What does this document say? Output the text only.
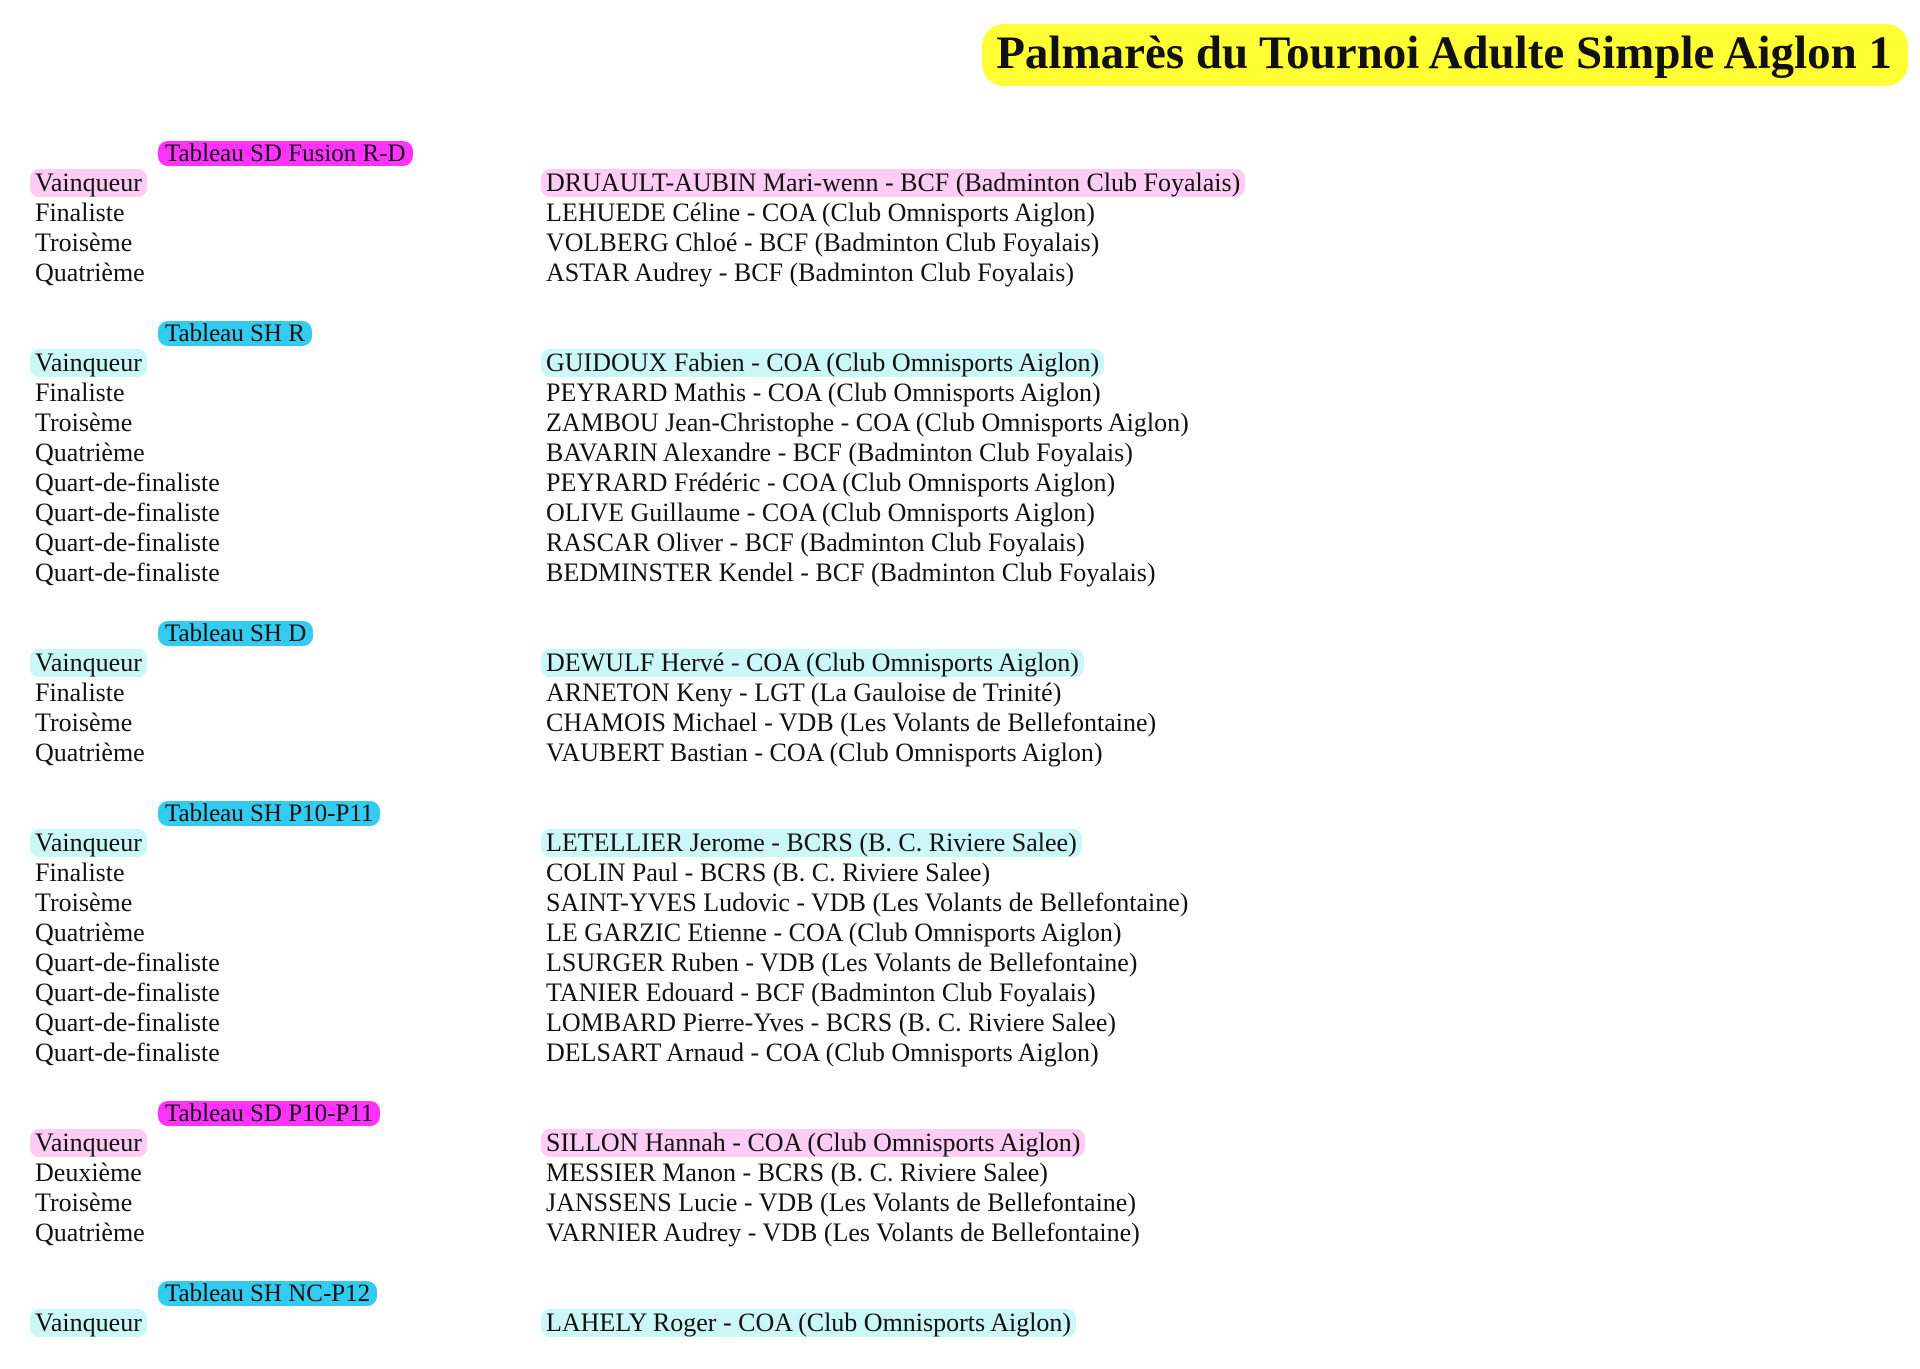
Palmarès du Tournoi Adulte Simple Aiglon 1
Tableau SD Fusion R-D
Vainqueur	DRUAULT-AUBIN Mari-wenn - BCF (Badminton Club Foyalais)
Finaliste	LEHUEDE Céline - COA (Club Omnisports Aiglon)
Troisème	VOLBERG Chloé - BCF (Badminton Club Foyalais)
Quatrième	ASTAR Audrey - BCF (Badminton Club Foyalais)
Tableau SH R
Vainqueur	GUIDOUX Fabien - COA (Club Omnisports Aiglon)
Finaliste	PEYRARD Mathis - COA (Club Omnisports Aiglon)
Troisème	ZAMBOU Jean-Christophe - COA (Club Omnisports Aiglon)
Quatrième	BAVARIN Alexandre - BCF (Badminton Club Foyalais)
Quart-de-finaliste	PEYRARD Frédéric - COA (Club Omnisports Aiglon)
Quart-de-finaliste	OLIVE Guillaume - COA (Club Omnisports Aiglon)
Quart-de-finaliste	RASCAR Oliver - BCF (Badminton Club Foyalais)
Quart-de-finaliste	BEDMINSTER Kendel - BCF (Badminton Club Foyalais)
Tableau SH D
Vainqueur	DEWULF Hervé - COA (Club Omnisports Aiglon)
Finaliste	ARNETON Keny - LGT (La Gauloise de Trinité)
Troisème	CHAMOIS Michael - VDB (Les Volants de Bellefontaine)
Quatrième	VAUBERT Bastian - COA (Club Omnisports Aiglon)
Tableau SH P10-P11
Vainqueur	LETELLIER Jerome - BCRS (B. C. Riviere Salee)
Finaliste	COLIN Paul - BCRS (B. C. Riviere Salee)
Troisème	SAINT-YVES Ludovic - VDB (Les Volants de Bellefontaine)
Quatrième	LE GARZIC Etienne - COA (Club Omnisports Aiglon)
Quart-de-finaliste	LSURGER Ruben - VDB (Les Volants de Bellefontaine)
Quart-de-finaliste	TANIER Edouard - BCF (Badminton Club Foyalais)
Quart-de-finaliste	LOMBARD Pierre-Yves - BCRS (B. C. Riviere Salee)
Quart-de-finaliste	DELSART Arnaud - COA (Club Omnisports Aiglon)
Tableau SD P10-P11
Vainqueur	SILLON Hannah - COA (Club Omnisports Aiglon)
Deuxième	MESSIER Manon - BCRS (B. C. Riviere Salee)
Troisème	JANSSENS Lucie - VDB (Les Volants de Bellefontaine)
Quatrième	VARNIER Audrey - VDB (Les Volants de Bellefontaine)
Tableau SH NC-P12
Vainqueur	LAHELY Roger - COA (Club Omnisports Aiglon)
